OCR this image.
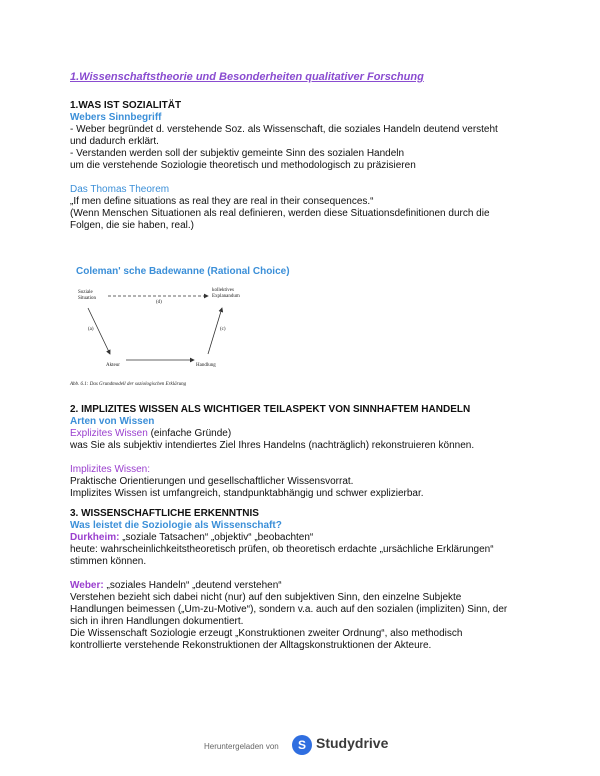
1.Wissenschaftstheorie und Besonderheiten qualitativer Forschung

1.WAS IST SOZIALITÄT

Webers Sinnbegriff

- Weber begründet d. verstehende Soz. als Wissenschaft, die soziales Handeln deutend versteht

und dadurch erklärt.

- Verstanden werden soll der subjektiv gemeinte Sinn des sozialen Handeln

um die verstehende Soziologie theoretisch und methodologisch zu präzisieren

Das Thomas Theorem

„If men define situations as real they are real in their consequences.“

(Wenn Menschen Situationen als real definieren, werden diese Situationsdefinitionen durch die

Folgen, die sie haben, real.)

Coleman' sche Badewanne (Rational Choice)

Soziale
Situation
kollektives
Explanandum
(d)
(a)	(c)
Akteur	Handlung
Abb. 6.1: Das Grundmodell der soziologischen Erklärung

2. IMPLIZITES WISSEN ALS WICHTIGER TEILASPEKT VON SINNHAFTEM HANDELN

Arten von Wissen

Explizites Wissen (einfache Gründe)

was Sie als subjektiv intendiertes Ziel Ihres Handelns (nachträglich) rekonstruieren können.

Implizites Wissen:

Praktische Orientierungen und gesellschaftlicher Wissensvorrat.

Implizites Wissen ist umfangreich, standpunktabhängig und schwer explizierbar.

3. WISSENSCHAFTLICHE ERKENNTNIS

Was leistet die Soziologie als Wissenschaft?

Durkheim: „soziale Tatsachen“ „objektiv“ „beobachten“

heute: wahrscheinlichkeitstheoretisch prüfen, ob theoretisch erdachte „ursächliche Erklärungen“

stimmen können.

Weber: „soziales Handeln“ „deutend verstehen“

Verstehen bezieht sich dabei nicht (nur) auf den subjektiven Sinn, den einzelne Subjekte

Handlungen beimessen („Um-zu-Motive“), sondern v.a. auch auf den sozialen (impliziten) Sinn, der

sich in ihren Handlungen dokumentiert.

Die Wissenschaft Soziologie erzeugt „Konstruktionen zweiter Ordnung“, also methodisch

kontrollierte verstehende Rekonstruktionen der Alltagskonstruktionen der Akteure.

Heruntergeladen von	S Studydrive
